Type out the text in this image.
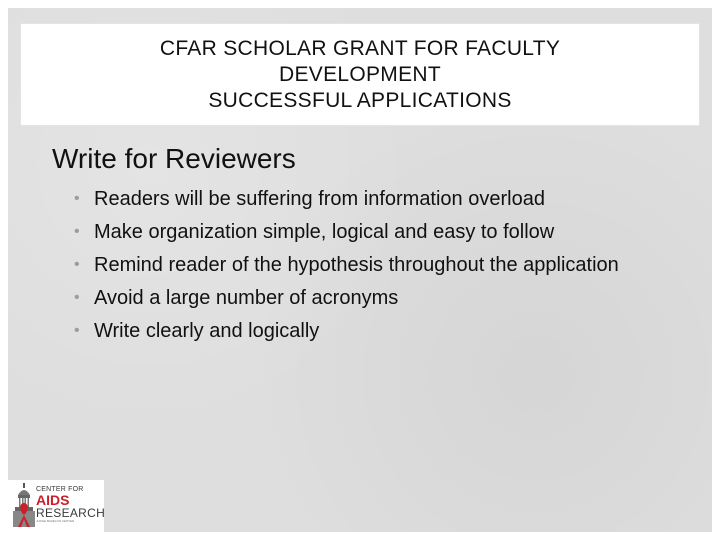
CFAR SCHOLAR GRANT FOR FACULTY
DEVELOPMENT
SUCCESSFUL APPLICATIONS
Write for Reviewers
• Readers will be suffering from information overload
• Make organization simple, logical and easy to follow
• Remind reader of the hypothesis throughout the application
• Avoid a large number of acronyms
• Write clearly and logically
CENTER FOR
AIDS
RESEARCH
JUDGE BAZELON CENTER
